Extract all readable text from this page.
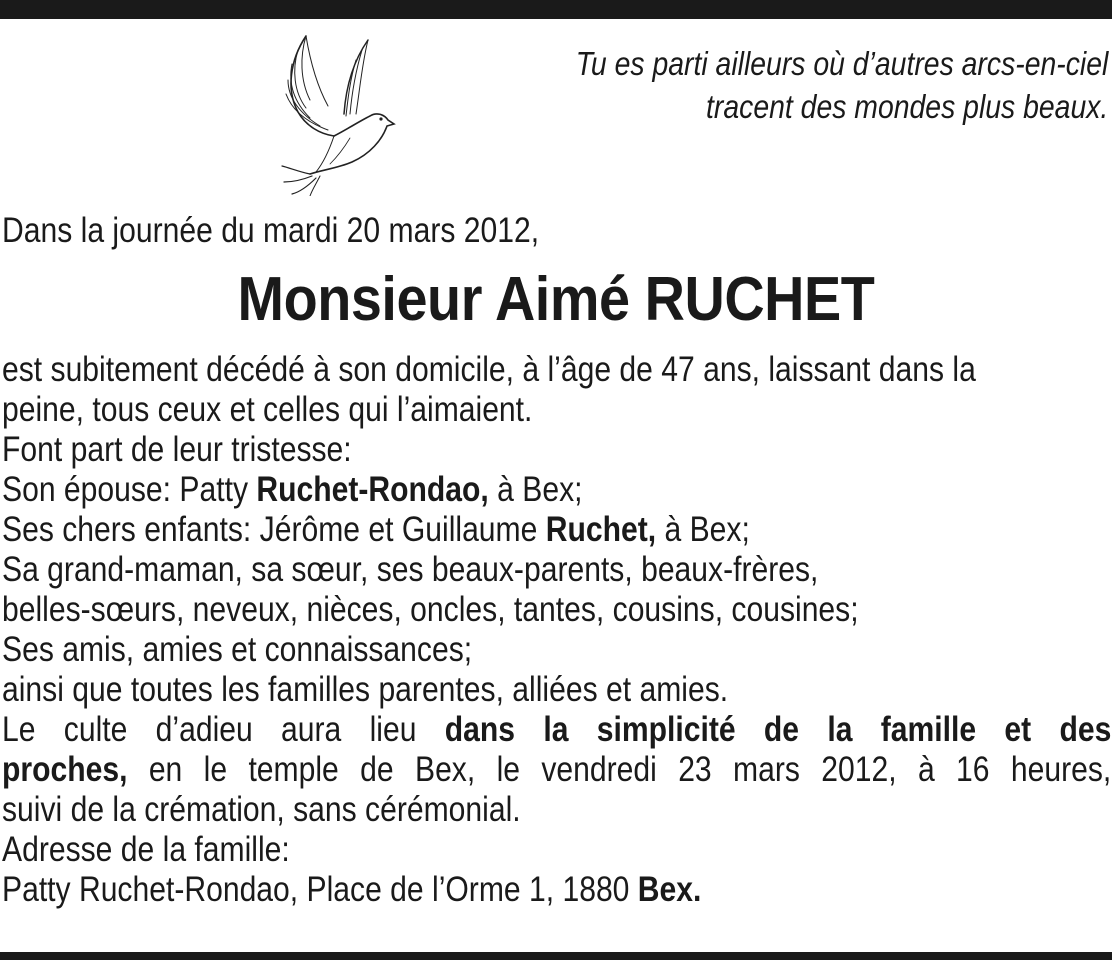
Tu es parti ailleurs où d’autres arcs-en-ciel
tracent des mondes plus beaux.
Dans la journée du mardi 20 mars 2012,
Monsieur Aimé RUCHET
est subitement décédé à son domicile, à l’âge de 47 ans, laissant dans la
peine, tous ceux et celles qui l’aimaient.
Font part de leur tristesse:
Son épouse: Patty Ruchet-Rondao, à Bex;
Ses chers enfants: Jérôme et Guillaume Ruchet, à Bex;
Sa grand-maman, sa sœur, ses beaux-parents, beaux-frères,
belles-sœurs, neveux, nièces, oncles, tantes, cousins, cousines;
Ses amis, amies et connaissances;
ainsi que toutes les familles parentes, alliées et amies.
Le culte d’adieu aura lieu dans la simplicité de la famille et des
proches, en le temple de Bex, le vendredi 23 mars 2012, à 16 heures,
suivi de la crémation, sans cérémonial.
Adresse de la famille:
Patty Ruchet-Rondao, Place de l’Orme 1, 1880 Bex.
